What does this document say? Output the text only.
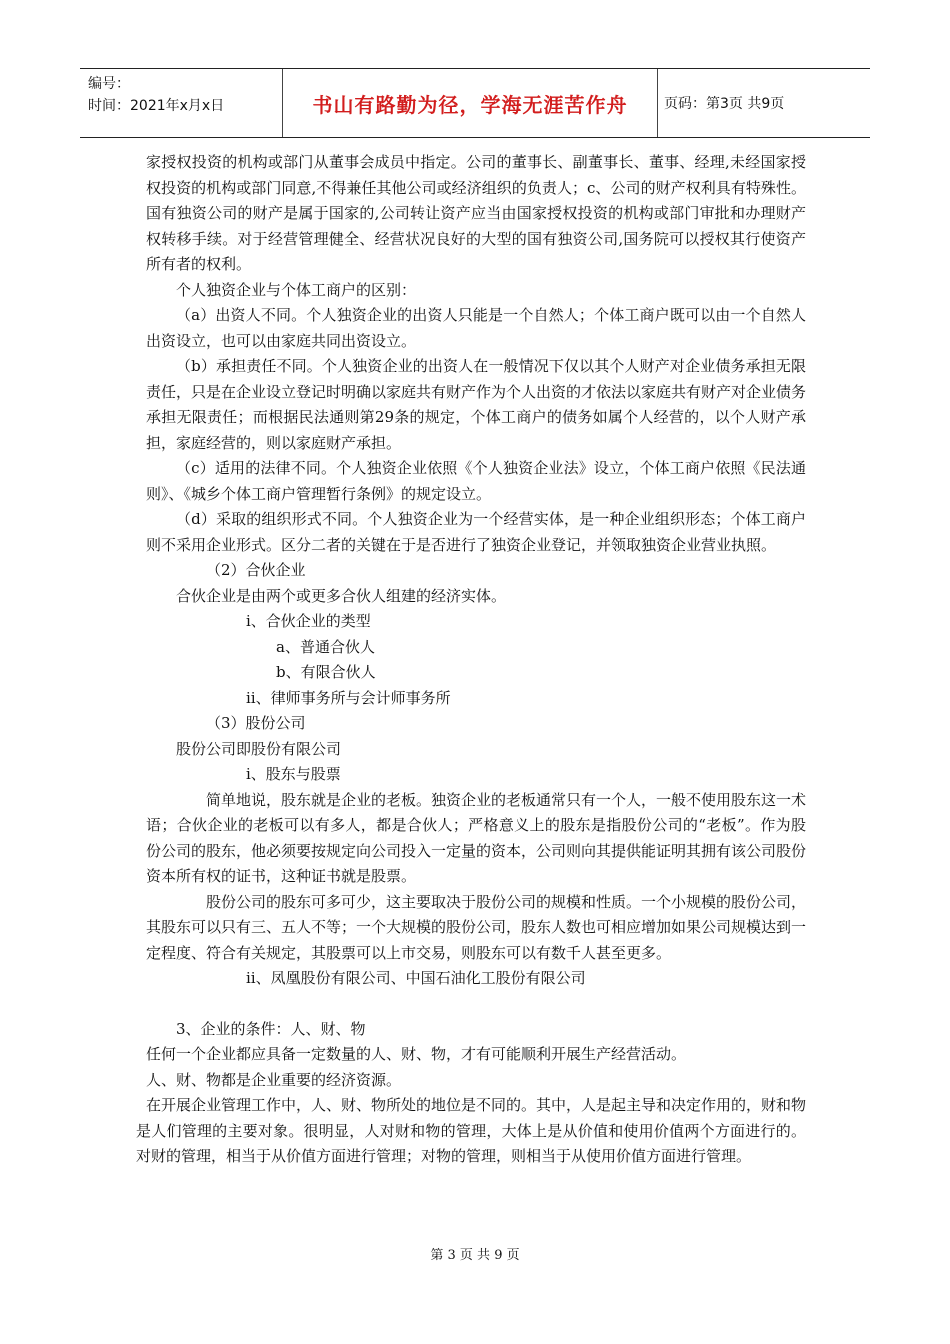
编号：
时间：2021年x月x日	书山有路勤为径，学海无涯苦作舟	页码：第3页 共9页

家授权投资的机构或部门从董事会成员中指定。公司的董事长、副董事长、董事、经理,未经国家授权投资的机构或部门同意,不得兼任其他公司或经济组织的负责人；c、公司的财产权利具有特殊性。国有独资公司的财产是属于国家的,公司转让资产应当由国家授权投资的机构或部门审批和办理财产权转移手续。对于经营管理健全、经营状况良好的大型的国有独资公司,国务院可以授权其行使资产所有者的权利。

个人独资企业与个体工商户的区别：

（a）出资人不同。个人独资企业的出资人只能是一个自然人；个体工商户既可以由一个自然人出资设立，也可以由家庭共同出资设立。

（b）承担责任不同。个人独资企业的出资人在一般情况下仅以其个人财产对企业债务承担无限责任，只是在企业设立登记时明确以家庭共有财产作为个人出资的才依法以家庭共有财产对企业债务承担无限责任；而根据民法通则第29条的规定，个体工商户的债务如属个人经营的，以个人财产承担，家庭经营的，则以家庭财产承担。

（c）适用的法律不同。个人独资企业依照《个人独资企业法》设立，个体工商户依照《民法通则》、《城乡个体工商户管理暂行条例》的规定设立。

（d）采取的组织形式不同。个人独资企业为一个经营实体，是一种企业组织形态；个体工商户则不采用企业形式。区分二者的关键在于是否进行了独资企业登记，并领取独资企业营业执照。

（2）合伙企业

合伙企业是由两个或更多合伙人组建的经济实体。

ⅰ、合伙企业的类型

a、普通合伙人

b、有限合伙人

ⅱ、律师事务所与会计师事务所

（3）股份公司

股份公司即股份有限公司

ⅰ、股东与股票

简单地说，股东就是企业的老板。独资企业的老板通常只有一个人，一般不使用股东这一术语；合伙企业的老板可以有多人，都是合伙人；严格意义上的股东是指股份公司的“老板”。作为股份公司的股东，他必须要按规定向公司投入一定量的资本，公司则向其提供能证明其拥有该公司股份资本所有权的证书，这种证书就是股票。

股份公司的股东可多可少，这主要取决于股份公司的规模和性质。一个小规模的股份公司，其股东可以只有三、五人不等；一个大规模的股份公司，股东人数也可相应增加如果公司规模达到一定程度、符合有关规定，其股票可以上市交易，则股东可以有数千人甚至更多。

ⅱ、凤凰股份有限公司、中国石油化工股份有限公司

3、企业的条件：人、财、物

任何一个企业都应具备一定数量的人、财、物，才有可能顺利开展生产经营活动。

人、财、物都是企业重要的经济资源。

在开展企业管理工作中，人、财、物所处的地位是不同的。其中，人是起主导和决定作用的，财和物是人们管理的主要对象。很明显，人对财和物的管理，大体上是从价值和使用价值两个方面进行的。对财的管理，相当于从价值方面进行管理；对物的管理，则相当于从使用价值方面进行管理。

第 3 页 共 9 页
